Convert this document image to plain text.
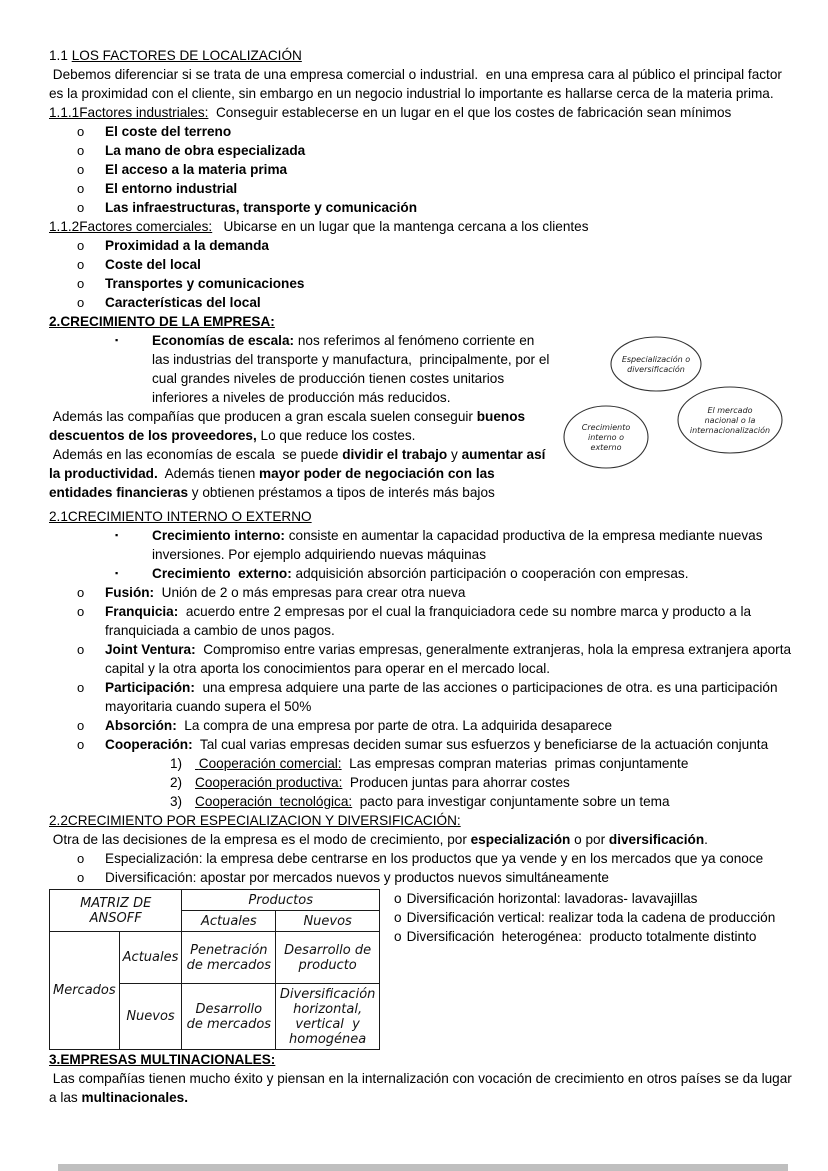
1.1 LOS FACTORES DE LOCALIZACIÓN

Debemos diferenciar si se trata de una empresa comercial o industrial.  en una empresa cara al público el principal factor es la proximidad con el cliente, sin embargo en un negocio industrial lo importante es hallarse cerca de la materia prima.

1.1.1Factores industriales:  Conseguir establecerse en un lugar en el que los costes de fabricación sean mínimos

o	El coste del terreno
o	La mano de obra especializada
o	El acceso a la materia prima
o	El entorno industrial
o	Las infraestructuras, transporte y comunicación

1.1.2Factores comerciales:   Ubicarse en un lugar que la mantenga cercana a los clientes

o	Proximidad a la demanda
o	Coste del local
o	Transportes y comunicaciones
o	Características del local

2.CRECIMIENTO DE LA EMPRESA:

Especialización o
diversificación
El mercado
nacional o la
internacionalización
Crecimiento
interno o
externo
▪	Economías de escala: nos referimos al fenómeno corriente en las industrias del transporte y manufactura,  principalmente, por el cual grandes niveles de producción tienen costes unitarios inferiores a niveles de producción más reducidos.

Además las compañías que producen a gran escala suelen conseguir buenos descuentos de los proveedores, Lo que reduce los costes.

Además en las economías de escala  se puede dividir el trabajo y aumentar así la productividad.  Además tienen mayor poder de negociación con las entidades financieras y obtienen préstamos a tipos de interés más bajos

2.1CRECIMIENTO INTERNO O EXTERNO

▪	Crecimiento interno: consiste en aumentar la capacidad productiva de la empresa mediante nuevas inversiones. Por ejemplo adquiriendo nuevas máquinas
▪	Crecimiento  externo: adquisición absorción participación o cooperación con empresas.
o	Fusión:  Unión de 2 o más empresas para crear otra nueva
o	Franquicia:  acuerdo entre 2 empresas por el cual la franquiciadora cede su nombre marca y producto a la franquiciada a cambio de unos pagos.
o	Joint Ventura:  Compromiso entre varias empresas, generalmente extranjeras, hola la empresa extranjera aporta capital y la otra aporta los conocimientos para operar en el mercado local.
o	Participación:  una empresa adquiere una parte de las acciones o participaciones de otra. es una participación  mayoritaria cuando supera el 50%
o	Absorción:  La compra de una empresa por parte de otra. La adquirida desaparece
o	Cooperación:  Tal cual varias empresas deciden sumar sus esfuerzos y beneficiarse de la actuación conjunta
1) Cooperación comercial:  Las empresas compran materias  primas conjuntamente
2) Cooperación productiva:  Producen juntas para ahorrar costes
3) Cooperación  tecnológica:  pacto para investigar conjuntamente sobre un tema

2.2CRECIMIENTO POR ESPECIALIZACION Y DIVERSIFICACIÓN:

Otra de las decisiones de la empresa es el modo de crecimiento, por especialización o por diversificación.

o	Especialización: la empresa debe centrarse en los productos que ya vende y en los mercados que ya conoce
o	Diversificación: apostar por mercados nuevos y productos nuevos simultáneamente
MATRIZ DE ANSOFF		Productos	
		Actuales	Nuevos
Mercados	Actuales	Penetración de mercados	Desarrollo de producto
	Nuevos	Desarrollo  de mercados	Diversificación horizontal, vertical  y homogénea

o Diversificación horizontal: lavadoras- lavavajillas

o Diversificación vertical: realizar toda la cadena de producción

o Diversificación  heterogénea:  producto totalmente distinto

3.EMPRESAS MULTINACIONALES:

Las compañías tienen mucho éxito y piensan en la internalización con vocación de crecimiento en otros países se da lugar a las multinacionales.
